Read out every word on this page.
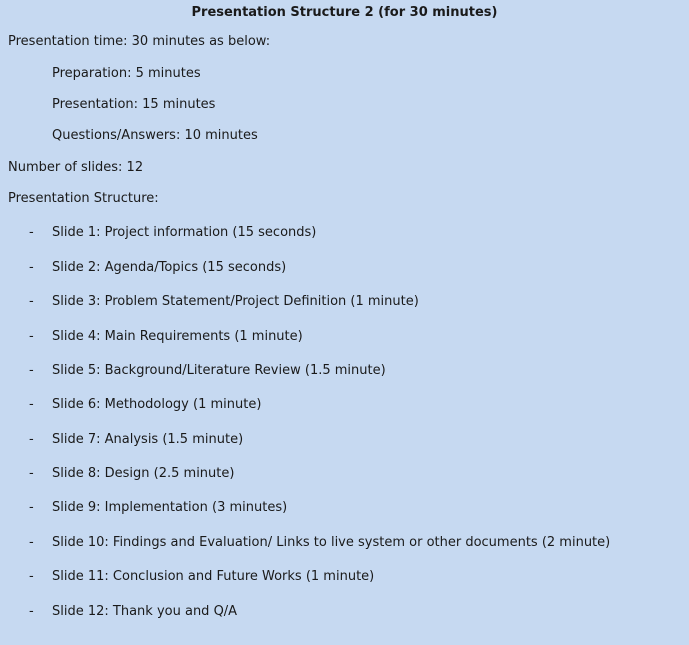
Presentation Structure 2 (for 30 minutes)
Presentation time: 30 minutes as below:
Preparation: 5 minutes
Presentation: 15 minutes
Questions/Answers: 10 minutes
Number of slides: 12
Presentation Structure:
- Slide 1: Project information (15 seconds)
- Slide 2: Agenda/Topics (15 seconds)
- Slide 3: Problem Statement/Project Definition (1 minute)
- Slide 4: Main Requirements (1 minute)
- Slide 5: Background/Literature Review (1.5 minute)
- Slide 6: Methodology (1 minute)
- Slide 7: Analysis (1.5 minute)
- Slide 8: Design (2.5 minute)
- Slide 9: Implementation (3 minutes)
- Slide 10: Findings and Evaluation/ Links to live system or other documents (2 minute)
- Slide 11: Conclusion and Future Works (1 minute)
- Slide 12: Thank you and Q/A
